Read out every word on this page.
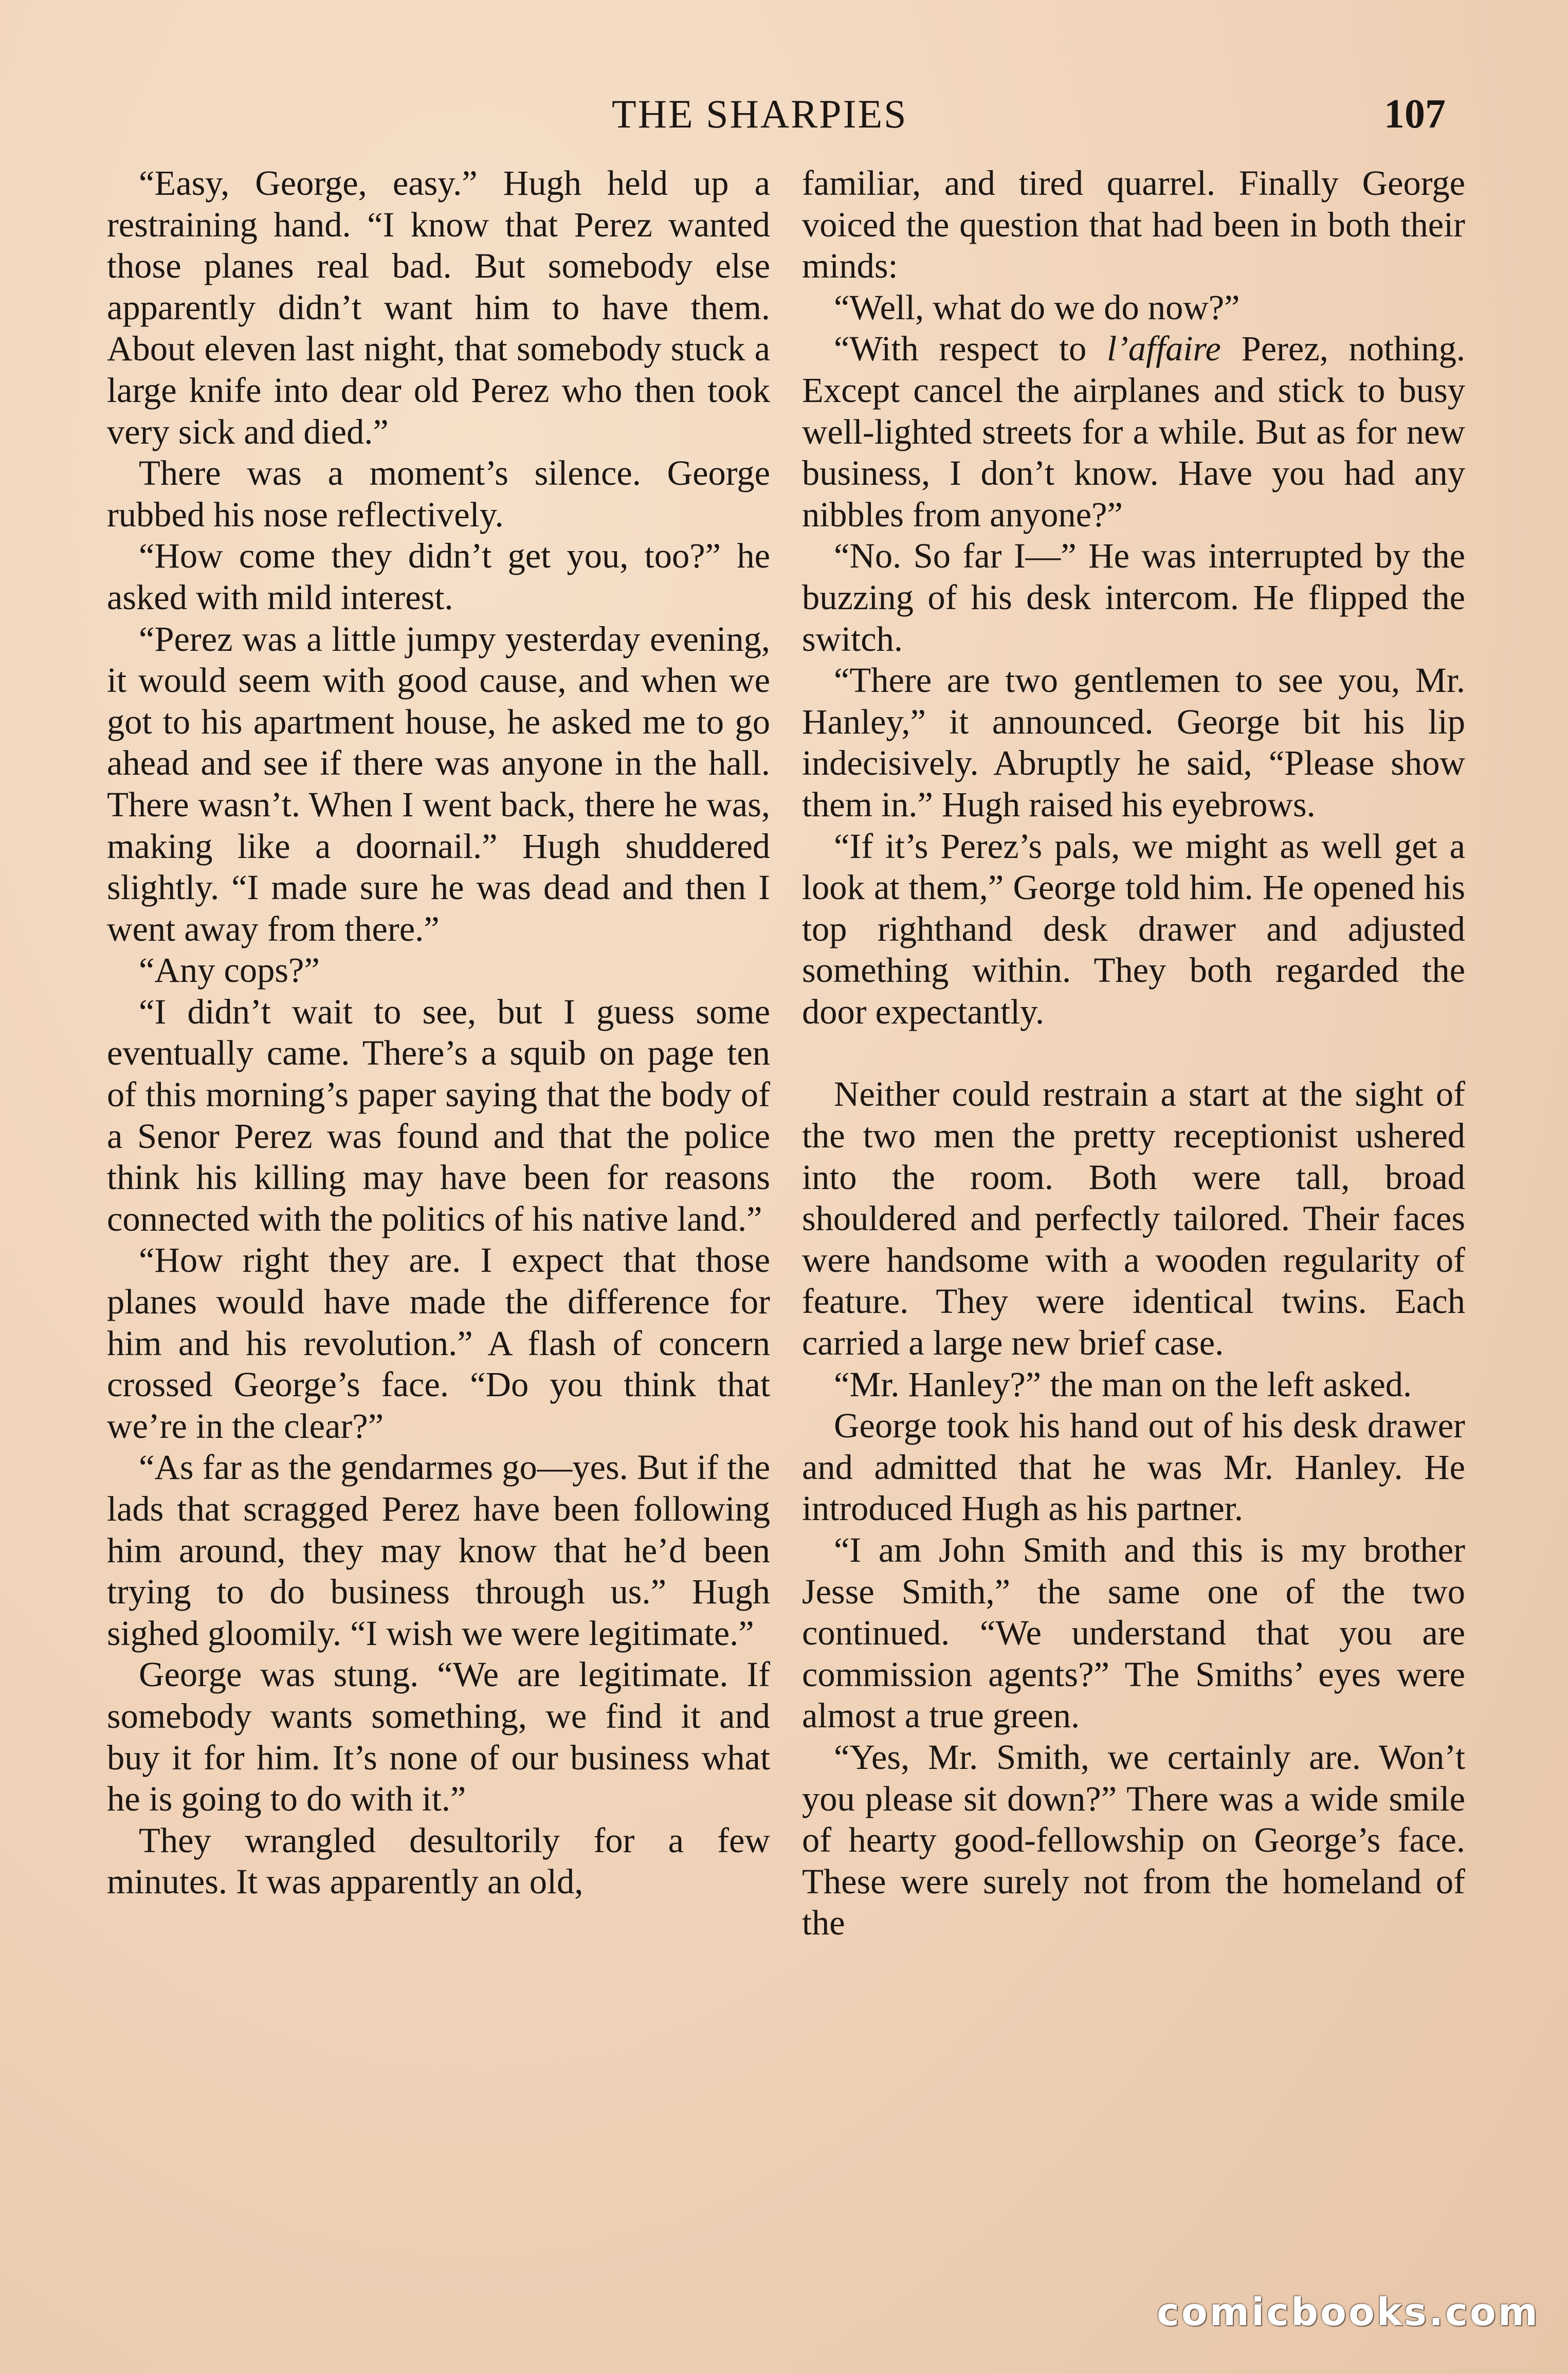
THE SHARPIES	107

“Easy, George, easy.” Hugh held up a restraining hand. “I know that Perez wanted those planes real bad. But somebody else apparently didn’t want him to have them. About eleven last night, that somebody stuck a large knife into dear old Perez who then took very sick and died.”

There was a moment’s silence. George rubbed his nose reflectively.

“How come they didn’t get you, too?” he asked with mild interest.

“Perez was a little jumpy yesterday evening, it would seem with good cause, and when we got to his apartment house, he asked me to go ahead and see if there was anyone in the hall. There wasn’t. When I went back, there he was, making like a doornail.” Hugh shuddered slightly. “I made sure he was dead and then I went away from there.”

“Any cops?”

“I didn’t wait to see, but I guess some eventually came. There’s a squib on page ten of this morning’s paper saying that the body of a Senor Perez was found and that the police think his killing may have been for reasons connected with the politics of his native land.”

“How right they are. I expect that those planes would have made the difference for him and his revolution.” A flash of concern crossed George’s face. “Do you think that we’re in the clear?”

“As far as the gendarmes go—yes. But if the lads that scragged Perez have been following him around, they may know that he’d been trying to do business through us.” Hugh sighed gloomily. “I wish we were legitimate.”

George was stung. “We are legitimate. If somebody wants something, we find it and buy it for him. It’s none of our business what he is going to do with it.”

They wrangled desultorily for a few minutes. It was apparently an old,

familiar, and tired quarrel. Finally George voiced the question that had been in both their minds:

“Well, what do we do now?”

“With respect to l’affaire Perez, nothing. Except cancel the airplanes and stick to busy well-lighted streets for a while. But as for new business, I don’t know. Have you had any nibbles from anyone?”

“No. So far I—” He was interrupted by the buzzing of his desk intercom. He flipped the switch.

“There are two gentlemen to see you, Mr. Hanley,” it announced. George bit his lip indecisively. Abruptly he said, “Please show them in.” Hugh raised his eyebrows.

“If it’s Perez’s pals, we might as well get a look at them,” George told him. He opened his top righthand desk drawer and adjusted something within. They both regarded the door expectantly.

Neither could restrain a start at the sight of the two men the pretty receptionist ushered into the room. Both were tall, broad shouldered and perfectly tailored. Their faces were handsome with a wooden regularity of feature. They were identical twins. Each carried a large new brief case.

“Mr. Hanley?” the man on the left asked.

George took his hand out of his desk drawer and admitted that he was Mr. Hanley. He introduced Hugh as his partner.

“I am John Smith and this is my brother Jesse Smith,” the same one of the two continued. “We understand that you are commission agents?” The Smiths’ eyes were almost a true green.

“Yes, Mr. Smith, we certainly are. Won’t you please sit down?” There was a wide smile of hearty good-fellowship on George’s face. These were surely not from the homeland of the

comicbooks.com
